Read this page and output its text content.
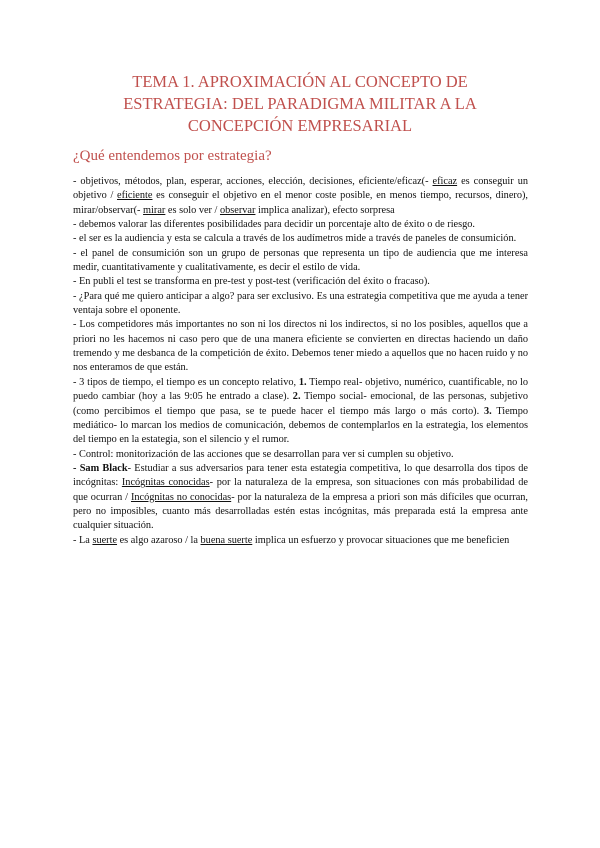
TEMA 1. APROXIMACIÓN AL CONCEPTO DE
ESTRATEGIA: DEL PARADIGMA MILITAR A LA
CONCEPCIÓN EMPRESARIAL
¿Qué entendemos por estrategia?

- objetivos, métodos, plan, esperar, acciones, elección, decisiones, eficiente/eficaz(- eficaz es conseguir un objetivo / eficiente es conseguir el objetivo en el menor coste posible, en menos tiempo, recursos, dinero), mirar/observar(- mirar es solo ver / observar implica analizar), efecto sorpresa

- debemos valorar las diferentes posibilidades para decidir un porcentaje alto de éxito o de riesgo.

- el ser es la audiencia y esta se calcula a través de los audímetros mide a través de paneles de consumición.

- el panel de consumición son un grupo de personas que representa un tipo de audiencia que me interesa medir, cuantitativamente y cualitativamente, es decir el estilo de vida.

- En publi el test se transforma en pre-test y post-test (verificación del éxito o fracaso).

- ¿Para qué me quiero anticipar a algo? para ser exclusivo. Es una estrategia competitiva que me ayuda a tener ventaja sobre el oponente.

- Los competidores más importantes no son ni los directos ni los indirectos, si no los posibles, aquellos que a priori no les hacemos ni caso pero que de una manera eficiente se convierten en directas haciendo un daño tremendo y me desbanca de la competición de éxito. Debemos tener miedo a aquellos que no hacen ruido y no nos enteramos de que están.

- 3 tipos de tiempo, el tiempo es un concepto relativo, 1. Tiempo real- objetivo, numérico, cuantificable, no lo puedo cambiar (hoy a las 9:05 he entrado a clase). 2. Tiempo social- emocional, de las personas, subjetivo (como percibimos el tiempo que pasa, se te puede hacer el tiempo más largo o más corto). 3. Tiempo mediático- lo marcan los medios de comunicación, debemos de contemplarlos en la estrategia, los elementos del tiempo en la estategia, son el silencio y el rumor.

- Control: monitorización de las acciones que se desarrollan para ver si cumplen su objetivo.

- Sam Black- Estudiar a sus adversarios para tener esta estategia competitiva, lo que desarrolla dos tipos de incógnitas: Incógnitas conocidas- por la naturaleza de la empresa, son situaciones con más probabilidad de que ocurran / Incógnitas no conocidas- por la naturaleza de la empresa a priori son más difíciles que ocurran, pero no imposibles, cuanto más desarrolladas estén estas incógnitas, más preparada está la empresa ante cualquier situación.

- La suerte es algo azaroso / la buena suerte implica un esfuerzo y provocar situaciones que me beneficien
